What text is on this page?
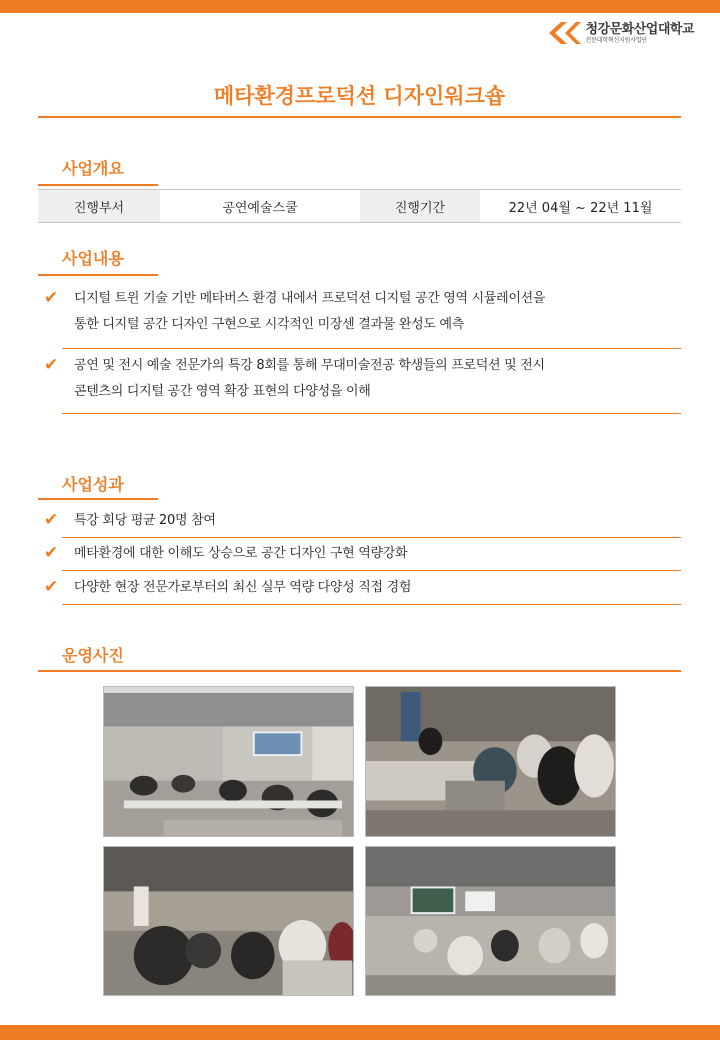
청강문화산업대학교
전문대학혁신지원사업단
메타환경프로덕션 디자인워크숍
사업개요
진행부서	공연예술스쿨	진행기간	22년 04월 ~ 22년 11월
사업내용
✔	디지털 트윈 기술 기반 메타버스 환경 내에서 프로덕션 디지털 공간 영역 시뮬레이션을
통한 디지털 공간 디자인 구현으로 시각적인 미장센 결과물 완성도 예측
✔	공연 및 전시 예술 전문가의 특강 8회를 통해 무대미술전공 학생들의 프로덕션 및 전시
콘텐츠의 디지털 공간 영역 확장 표현의 다양성을 이해
사업성과
✔	특강 회당 평균 20명 참여
✔	메타환경에 대한 이해도 상승으로 공간 디자인 구현 역량강화
✔	다양한 현장 전문가로부터의 최신 실무 역량 다양성 직접 경험
운영사진
